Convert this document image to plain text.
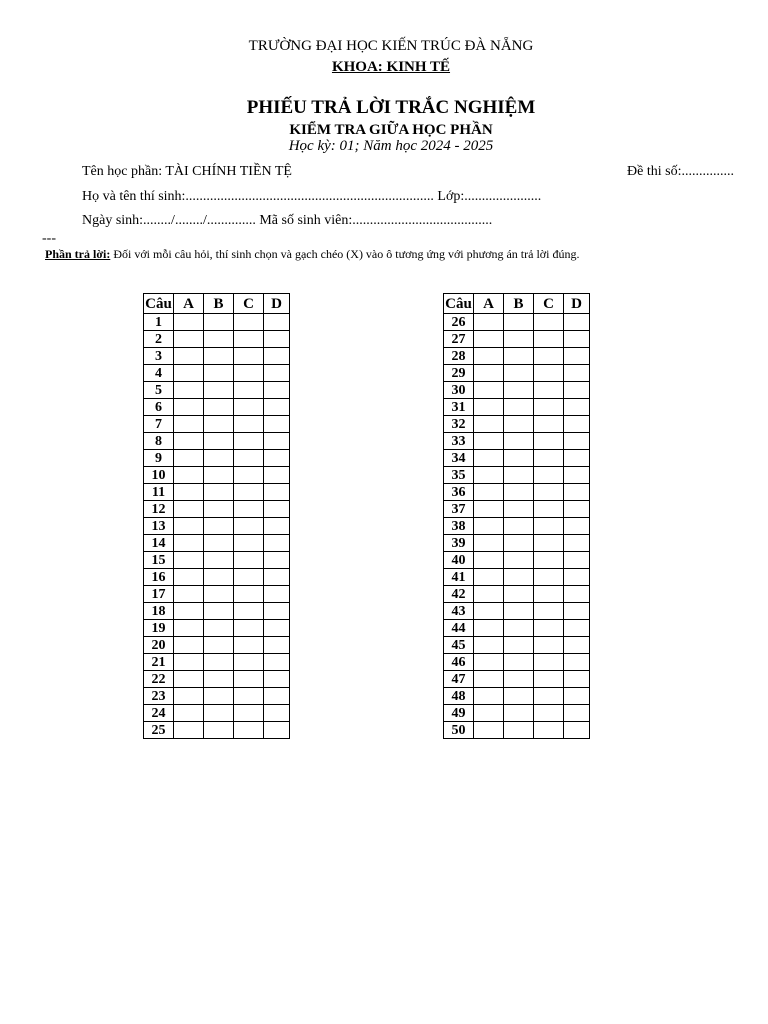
TRƯỜNG ĐẠI HỌC KIẾN TRÚC ĐÀ NẴNG
KHOA: KINH TẾ
PHIẾU TRẢ LỜI TRẮC NGHIỆM
KIỂM TRA GIỮA HỌC PHẦN
Học kỳ: 01; Năm học 2024 - 2025
Tên học phần: TÀI CHÍNH TIỀN TỆ	Đề thi số:...............
Họ và tên thí sinh:....................................................................... Lớp:......................
Ngày sinh:......../......../.............. Mã số sinh viên:........................................
---
Phần trả lời: Đối với mỗi câu hỏi, thí sinh chọn và gạch chéo (X) vào ô tương ứng với phương án trả lời đúng.
Câu	A	B	C	D
1				
2				
3				
4				
5				
6				
7				
8				
9				
10				
11				
12				
13				
14				
15				
16				
17				
18				
19				
20				
21				
22				
23				
24				
25				
Câu	A	B	C	D
26				
27				
28				
29				
30				
31				
32				
33				
34				
35				
36				
37				
38				
39				
40				
41				
42				
43				
44				
45				
46				
47				
48				
49				
50				
